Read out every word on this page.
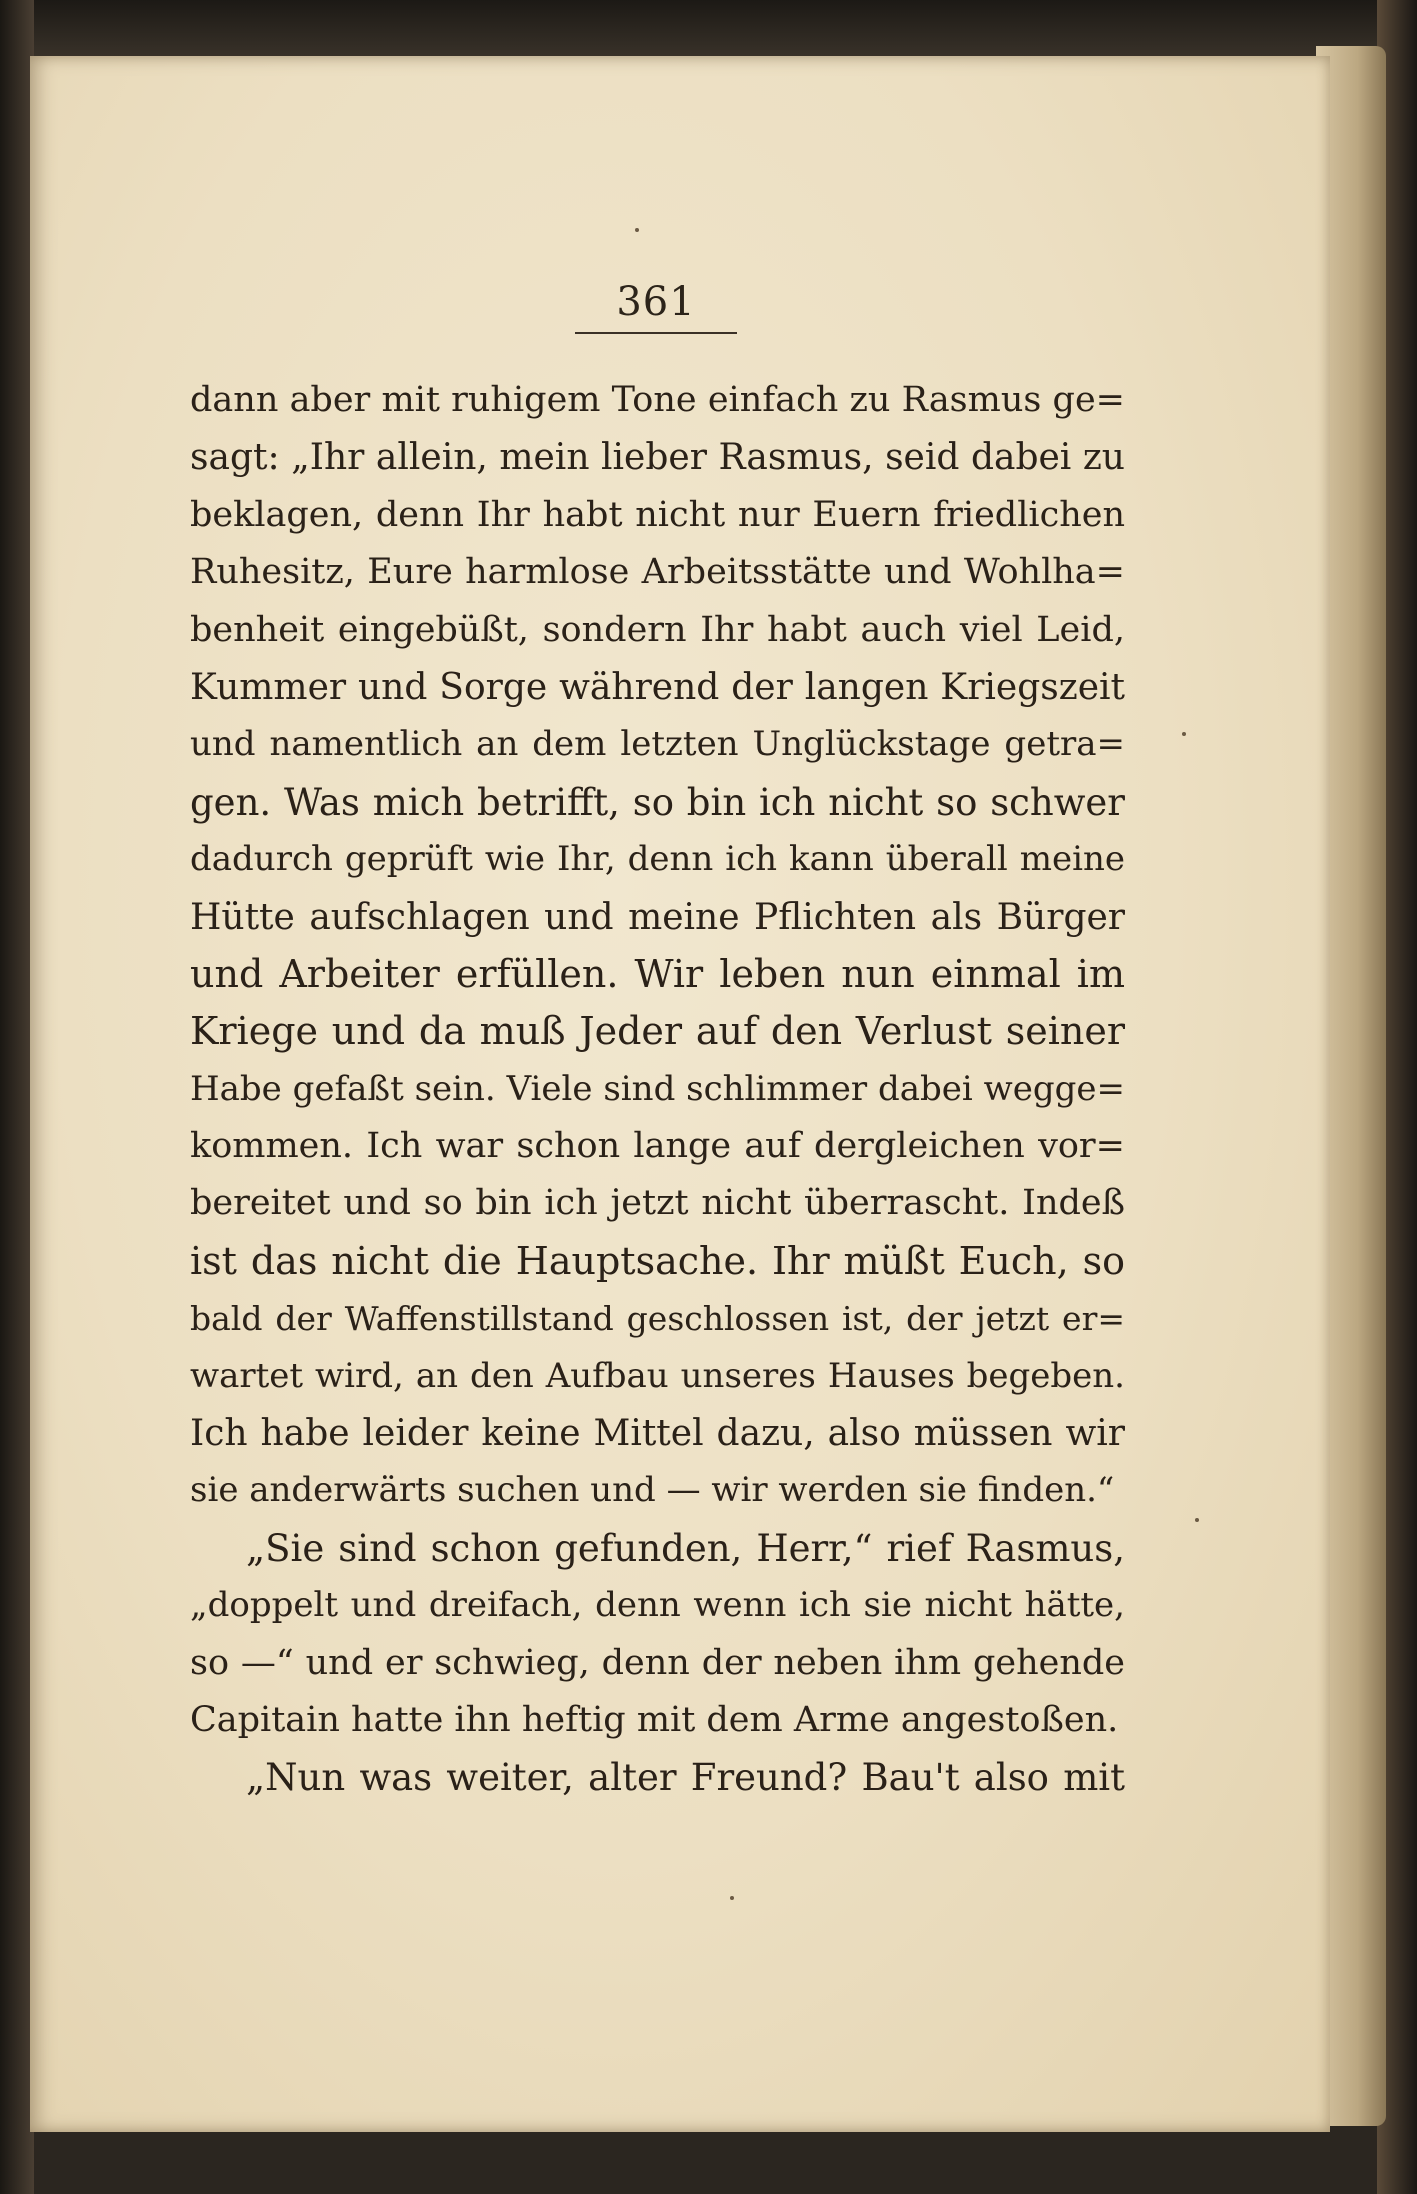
361
dann aber mit ruhigem Tone einfach zu Rasmus ge=
sagt: „Ihr allein, mein lieber Rasmus, seid dabei zu
beklagen, denn Ihr habt nicht nur Euern friedlichen
Ruhesitz, Eure harmlose Arbeitsstätte und Wohlha=
benheit eingebüßt, sondern Ihr habt auch viel Leid,
Kummer und Sorge während der langen Kriegszeit
und namentlich an dem letzten Unglückstage getra=
gen. Was mich betrifft, so bin ich nicht so schwer
dadurch geprüft wie Ihr, denn ich kann überall meine
Hütte aufschlagen und meine Pflichten als Bürger
und Arbeiter erfüllen. Wir leben nun einmal im
Kriege und da muß Jeder auf den Verlust seiner
Habe gefaßt sein. Viele sind schlimmer dabei wegge=
kommen. Ich war schon lange auf dergleichen vor=
bereitet und so bin ich jetzt nicht überrascht. Indeß
ist das nicht die Hauptsache. Ihr müßt Euch, so
bald der Waffenstillstand geschlossen ist, der jetzt er=
wartet wird, an den Aufbau unseres Hauses begeben.
Ich habe leider keine Mittel dazu, also müssen wir
sie anderwärts suchen und — wir werden sie finden.“
„Sie sind schon gefunden, Herr,“ rief Rasmus,
„doppelt und dreifach, denn wenn ich sie nicht hätte,
so —“ und er schwieg, denn der neben ihm gehende
Capitain hatte ihn heftig mit dem Arme angestoßen.
„Nun was weiter, alter Freund? Bau't also mit
